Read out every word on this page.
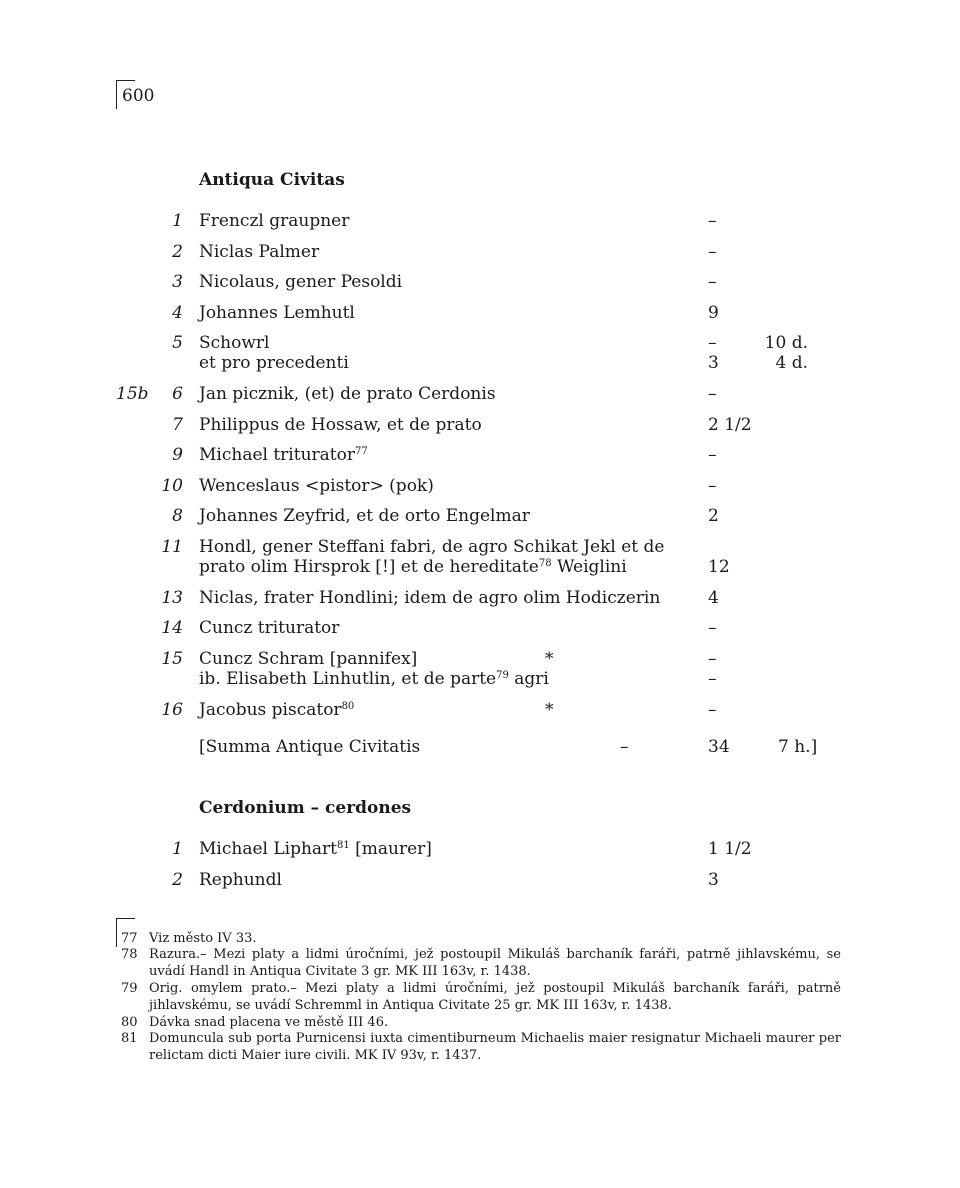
600
Antiqua Civitas
1 Frenczl graupner	–
2 Niclas Palmer	–
3 Nicolaus, gener Pesoldi	–
4 Johannes Lemhutl	9
5 Schowrl	–	10 d.
et pro precedenti	3	4 d.
15b 6 Jan picznik, (et) de prato Cerdonis	–
7 Philippus de Hossaw, et de prato	2 1/2
9 Michael triturator$^{77}$	–
10 Wenceslaus <pistor> (pok)	–
8 Johannes Zeyfrid, et de orto Engelmar	2
11 Hondl, gener Steffani fabri, de agro Schikat Jekl et de
prato olim Hirsprok [!] et de hereditate$^{78}$ Weiglini	12
13 Niclas, frater Hondlini; idem de agro olim Hodiczerin	4
14 Cuncz triturator	–
15 Cuncz Schram [pannifex]	*	–
ib. Elisabeth Linhutlin, et de parte$^{79}$ agri	–
16 Jacobus piscator$^{80}$	*	–
[Summa Antique Civitatis	–	34	7 h.]
Cerdonium – cerdones
1 Michael Liphart$^{81}$ [maurer]	1 1/2
2 Rephundl	3
77 Viz město IV 33.
78 Razura.– Mezi platy a lidmi úročními, jež postoupil Mikuláš barchaník faráři, patrně jihlavskému, se uvádí Handl in Antiqua Civitate 3 gr. MK III 163v, r. 1438.
79 Orig. omylem prato.– Mezi platy a lidmi úročními, jež postoupil Mikuláš barchaník faráři, patrně jihlavskému, se uvádí Schremml in Antiqua Civitate 25 gr. MK III 163v, r. 1438.
80 Dávka snad placena ve městě III 46.
81 Domuncula sub porta Purnicensi iuxta cimentiburneum Michaelis maier resignatur Michaeli maurer per relictam dicti Maier iure civili. MK IV 93v, r. 1437.
